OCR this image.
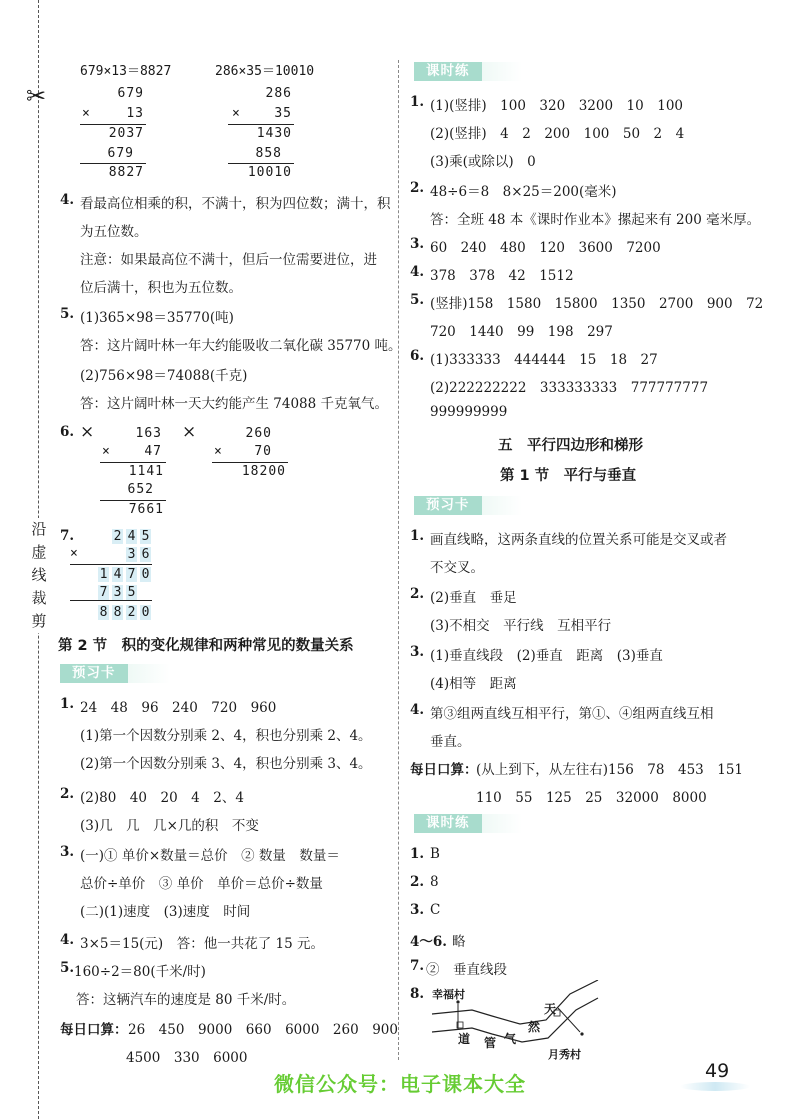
✂
沿虚线裁剪
679×13＝8827	286×35＝10010
679
×	13
2037
679
8827
286
×	35
1430
858
10010
4. 看最高位相乘的积，不满十，积为四位数；满十，积
为五位数。
注意：如果最高位不满十，但后一位需要进位，进
位后满十，积也为五位数。
5. (1)365×98＝35770(吨)
答：这片阔叶林一年大约能吸收二氧化碳 35770 吨。
(2)756×98＝74088(千克)
答：这片阔叶林一天大约能产生 74088 千克氧气。
6. ×	163
×	47
1141
652
7661
×	260
×	70
18200
7.
×
2 4 5
3 6
1 4 7 0
7 3 5
8 8 2 0
第 2 节　积的变化规律和两种常见的数量关系
预习卡
1. 24　48　96　240　720　960
(1)第一个因数分别乘 2、4，积也分别乘 2、4。
(2)第一个因数分别乘 3、4，积也分别乘 3、4。
2. (2)80　40　20　4　2、4
(3)几　几　几×几的积　不变
3. (一)① 单价×数量＝总价　② 数量　数量＝
总价÷单价　③ 单价　单价＝总价÷数量
(二)(1)速度　(3)速度　时间
4. 3×5＝15(元)　答：他一共花了 15 元。
5. 160÷2＝80(千米/时)
答：这辆汽车的速度是 80 千米/时。
每日口算： 26　450　9000　660　6000　260　900
4500　330　6000
课时练
1. (1)(竖排)　100　320　3200　10　100
(2)(竖排)　4　2　200　100　50　2　4
(3)乘(或除以)　0
2. 48÷6＝8　8×25＝200(毫米)
答：全班 48 本《课时作业本》摞起来有 200 毫米厚。
3. 60　240　480　120　3600　7200
4. 378　378　42　1512
5. (竖排)158　1580　15800　1350　2700　900　72
720　1440　99　198　297
6. (1)333333　444444　15　18　27
(2)222222222　333333333　777777777
999999999
五　平行四边形和梯形
第 1 节　平行与垂直
预习卡
1. 画直线略，这两条直线的位置关系可能是交叉或者
不交叉。
2. (2)垂直　垂足
(3)不相交　平行线　互相平行
3. (1)垂直线段　(2)垂直　距离　(3)垂直
(4)相等　距离
4. 第③组两直线互相平行，第①、④组两直线互相
垂直。
每日口算：
(从上到下，从左往右)156　78　453　151
110　55　125　25　32000　8000
课时练
1. B
2. 8
3. C
4～6. 略
7. ②　垂直线段
8. 幸福村
月秀村
道 管 气
然
天
微信公众号：电子课本大全
49
